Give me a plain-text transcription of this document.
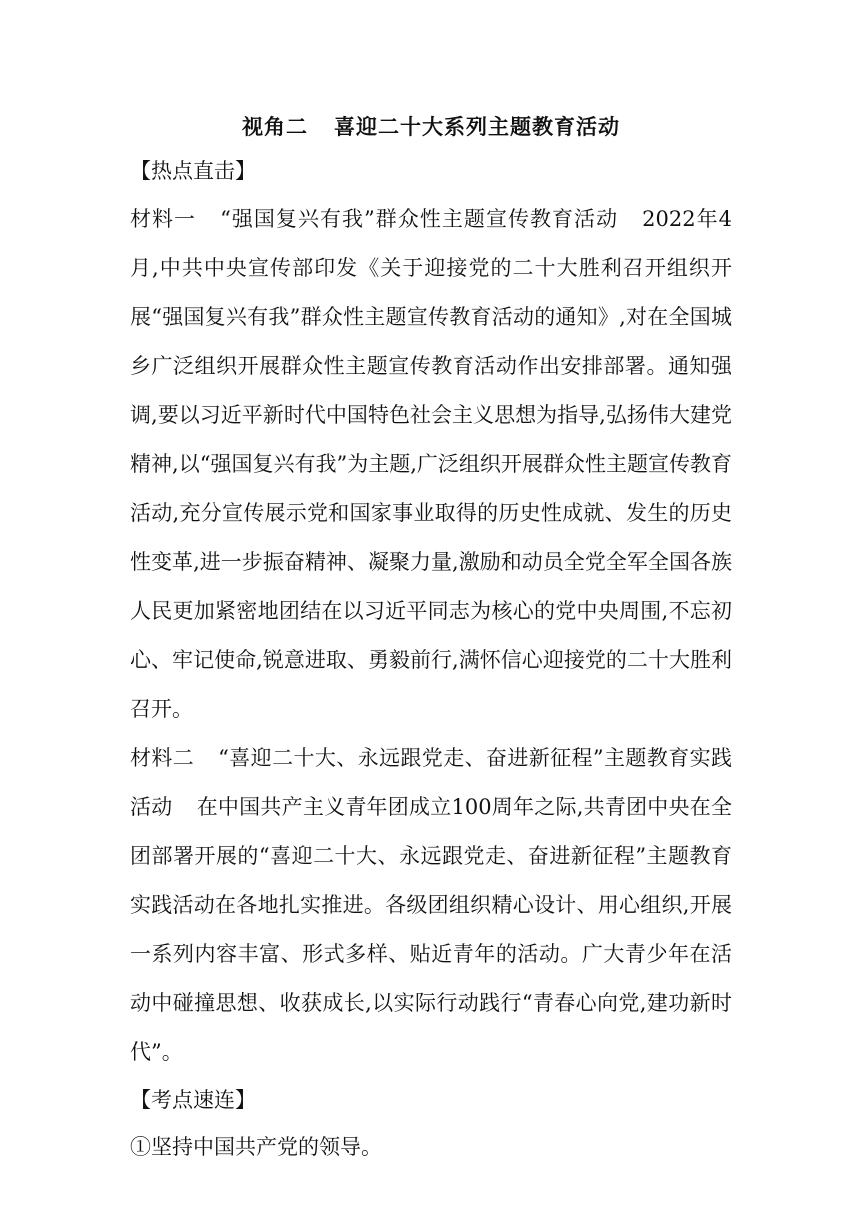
视角二 喜迎二十大系列主题教育活动

【热点直击】

材料一 “强国复兴有我”群众性主题宣传教育活动 2022年4月,中共中央宣传部印发《关于迎接党的二十大胜利召开组织开展“强国复兴有我”群众性主题宣传教育活动的通知》,对在全国城乡广泛组织开展群众性主题宣传教育活动作出安排部署。通知强调,要以习近平新时代中国特色社会主义思想为指导,弘扬伟大建党精神,以“强国复兴有我”为主题,广泛组织开展群众性主题宣传教育活动,充分宣传展示党和国家事业取得的历史性成就、发生的历史性变革,进一步振奋精神、凝聚力量,激励和动员全党全军全国各族人民更加紧密地团结在以习近平同志为核心的党中央周围,不忘初心、牢记使命,锐意进取、勇毅前行,满怀信心迎接党的二十大胜利召开。

材料二 “喜迎二十大、永远跟党走、奋进新征程”主题教育实践活动 在中国共产主义青年团成立100周年之际,共青团中央在全团部署开展的“喜迎二十大、永远跟党走、奋进新征程”主题教育实践活动在各地扎实推进。各级团组织精心设计、用心组织,开展一系列内容丰富、形式多样、贴近青年的活动。广大青少年在活动中碰撞思想、收获成长,以实际行动践行“青春心向党,建功新时代”。

【考点速连】

①坚持中国共产党的领导。
